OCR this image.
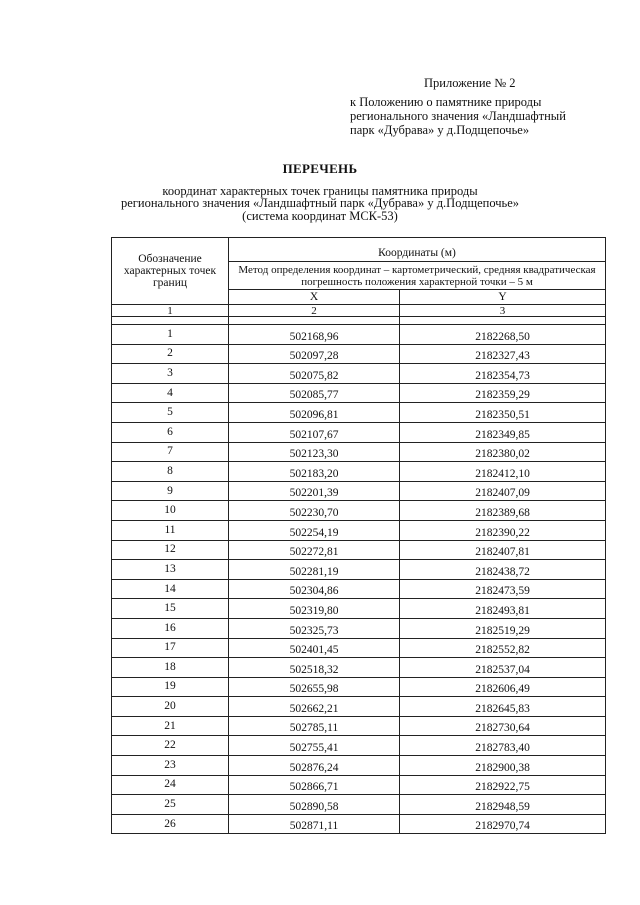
Приложение № 2
к Положению о памятнике природы
регионального значения «Ландшафтный
парк «Дубрава» у д.Подщепочье»
ПЕРЕЧЕНЬ
координат характерных точек границы памятника природы
регионального значения «Ландшафтный парк «Дубрава» у д.Подщепочье»
(система координат МСК-53)
Обозначение характерных точек границ	Координаты (м)	
	Метод определения координат – картометрический, средняя квадратическая погрешность положения характерной точки – 5 м	
	X	Y
1	2	3

1	502168,96	2182268,50
2	502097,28	2182327,43
3	502075,82	2182354,73
4	502085,77	2182359,29
5	502096,81	2182350,51
6	502107,67	2182349,85
7	502123,30	2182380,02
8	502183,20	2182412,10
9	502201,39	2182407,09
10	502230,70	2182389,68
11	502254,19	2182390,22
12	502272,81	2182407,81
13	502281,19	2182438,72
14	502304,86	2182473,59
15	502319,80	2182493,81
16	502325,73	2182519,29
17	502401,45	2182552,82
18	502518,32	2182537,04
19	502655,98	2182606,49
20	502662,21	2182645,83
21	502785,11	2182730,64
22	502755,41	2182783,40
23	502876,24	2182900,38
24	502866,71	2182922,75
25	502890,58	2182948,59
26	502871,11	2182970,74
